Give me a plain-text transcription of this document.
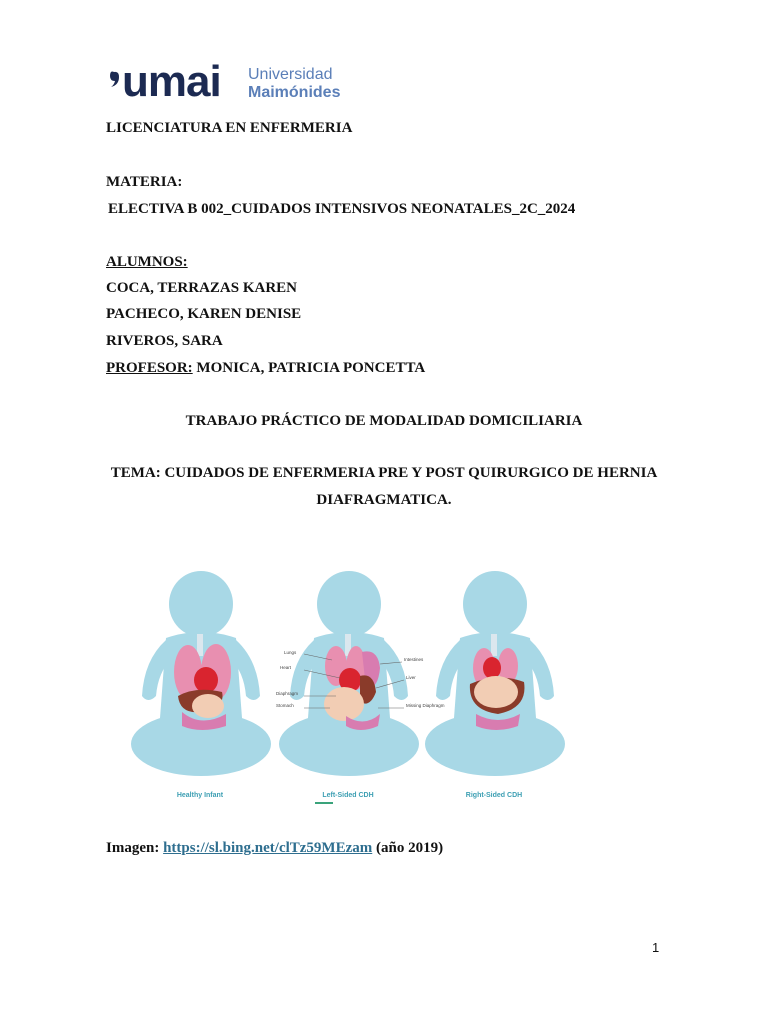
umai Universidad
Maimónides
LICENCIATURA EN ENFERMERIA
MATERIA:
ELECTIVA B 002_CUIDADOS INTENSIVOS NEONATALES_2C_2024
ALUMNOS:
COCA, TERRAZAS KAREN
PACHECO, KAREN DENISE
RIVEROS, SARA
PROFESOR: MONICA, PATRICIA PONCETTA
TRABAJO PRÁCTICO DE MODALIDAD DOMICILIARIA
TEMA: CUIDADOS DE ENFERMERIA PRE Y POST QUIRURGICO DE HERNIA
DIAFRAGMATICA.
Healthy Infant	Left-Sided CDH	Right-Sided CDH
Lungs
Heart
Diaphragm
Stomach
Intestines
Liver
Missing Diaphragm
Imagen: https://sl.bing.net/clTz59MEzam (año 2019)
1
